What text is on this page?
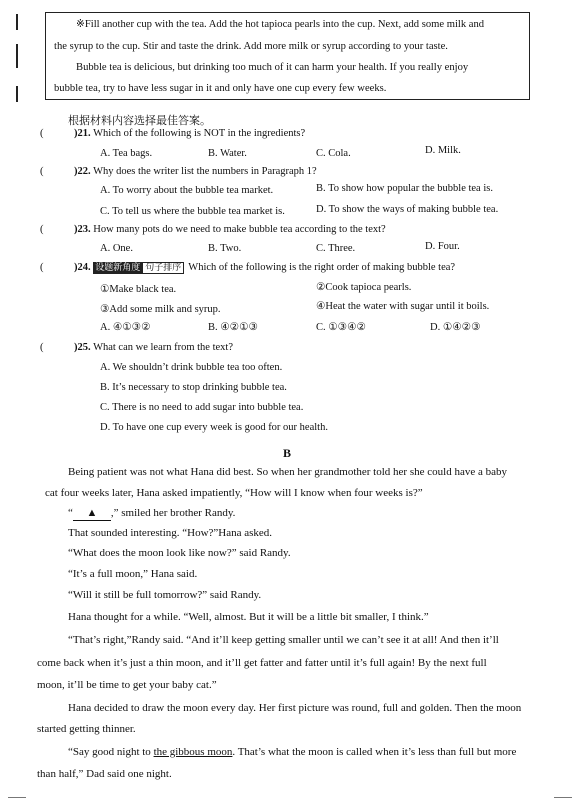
※Fill another cup with the tea. Add the hot tapioca pearls into the cup. Next, add some milk and
the syrup to the cup. Stir and taste the drink. Add more milk or syrup according to your taste.
Bubble tea is delicious, but drinking too much of it can harm your health. If you really enjoy
bubble tea, try to have less sugar in it and only have one cup every few weeks.
根据材料内容选择最佳答案。
(	)21. Which of the following is NOT in the ingredients?
A. Tea bags.	B. Water.	C. Cola.	D. Milk.
(	)22. Why does the writer list the numbers in Paragraph 1?
A. To worry about the bubble tea market.	B. To show how popular the bubble tea is.
C. To tell us where the bubble tea market is.	D. To show the ways of making bubble tea.
(	)23. How many pots do we need to make bubble tea according to the text?
A. One.	B. Two.	C. Three.	D. Four.
(	)24. 设题新角度 句子排序 Which of the following is the right order of making bubble tea?
①Make black tea.	②Cook tapioca pearls.
③Add some milk and syrup.	④Heat the water with sugar until it boils.
A. ④①③②	B. ④②①③	C. ①③④②	D. ①④②③
(	)25. What can we learn from the text?
A. We shouldn’t drink bubble tea too often.
B. It’s necessary to stop drinking bubble tea.
C. There is no need to add sugar into bubble tea.
D. To have one cup every week is good for our health.
B
Being patient was not what Hana did best. So when her grandmother told her she could have a baby
cat four weeks later, Hana asked impatiently, “How will I know when four weeks is?”
“ ▲ ,” smiled her brother Randy.
That sounded interesting. “How?”Hana asked.
“What does the moon look like now?” said Randy.
“It’s a full moon,” Hana said.
“Will it still be full tomorrow?” said Randy.
Hana thought for a while. “Well, almost. But it will be a little bit smaller, I think.”
“That’s right,”Randy said. “And it’ll keep getting smaller until we can’t see it at all! And then it’ll
come back when it’s just a thin moon, and it’ll get fatter and fatter until it’s full again! By the next full
moon, it’ll be time to get your baby cat.”
Hana decided to draw the moon every day. Her first picture was round, full and golden. Then the moon
started getting thinner.
“Say good night to the gibbous moon. That’s what the moon is called when it’s less than full but more
than half,” Dad said one night.
